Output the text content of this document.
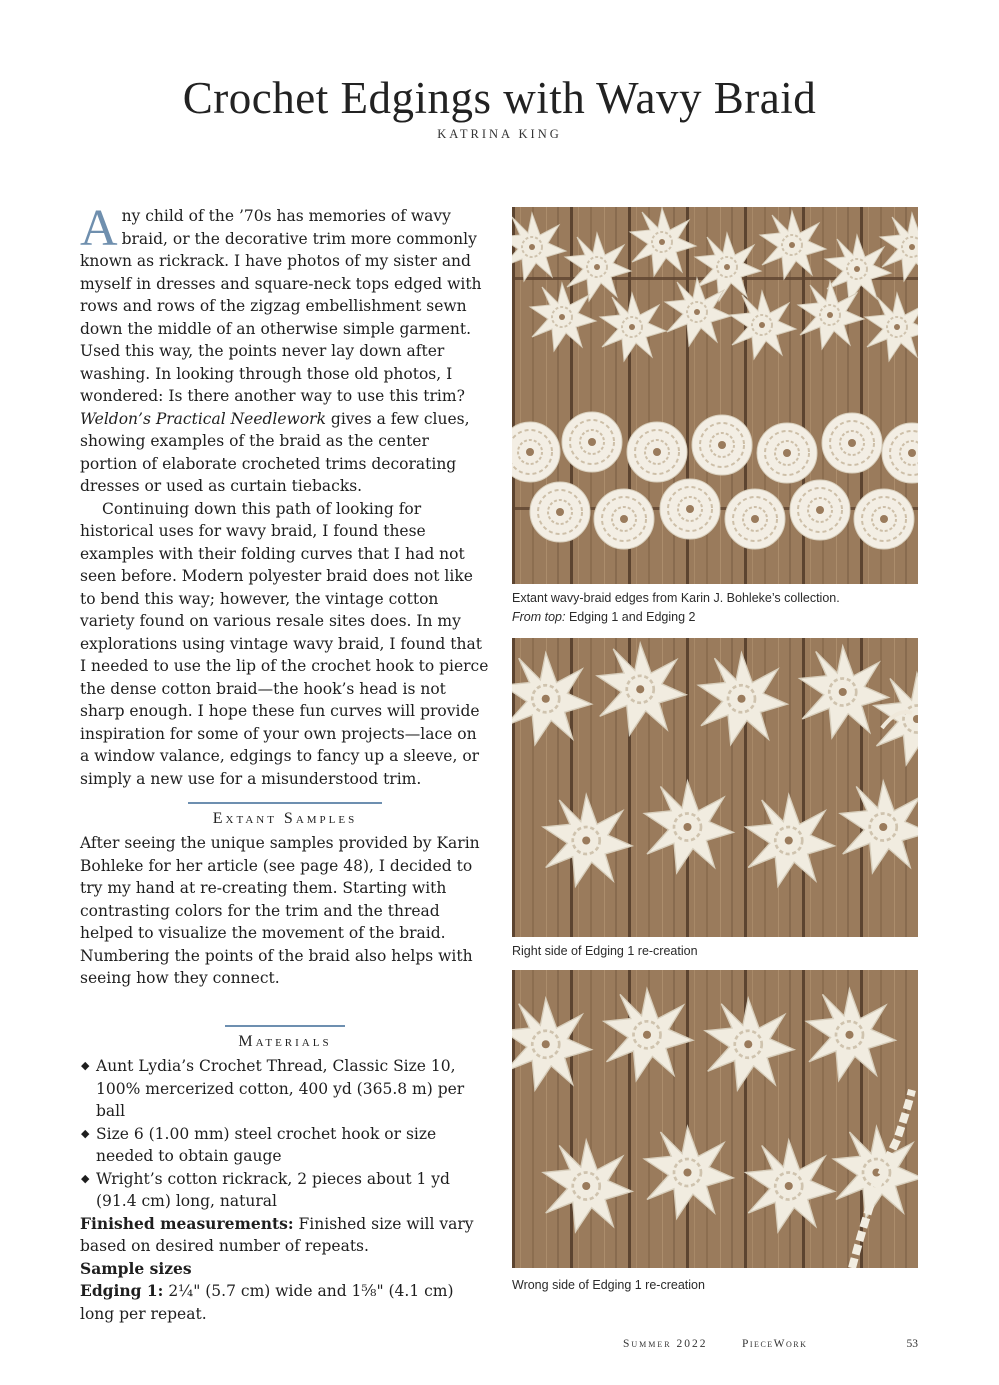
Crochet Edgings with Wavy Braid
KATRINA KING

Any child of the ’70s has memories of wavy braid, or the decorative trim more commonly known as rickrack. I have photos of my sister and myself in dresses and square-neck tops edged with rows and rows of the zigzag embellishment sewn down the middle of an otherwise simple garment. Used this way, the points never lay down after washing. In looking through those old photos, I wondered: Is there another way to use this trim? Weldon’s Practical Needlework gives a few clues, showing examples of the braid as the center portion of elaborate crocheted trims decorating dresses or used as curtain tiebacks.

Continuing down this path of looking for historical uses for wavy braid, I found these examples with their folding curves that I had not seen before. Modern polyester braid does not like to bend this way; however, the vintage cotton variety found on various resale sites does. In my explorations using vintage wavy braid, I found that I needed to use the lip of the crochet hook to pierce the dense cotton braid—the hook’s head is not sharp enough. I hope these fun curves will provide inspiration for some of your own projects—lace on a window valance, edgings to fancy up a sleeve, or simply a new use for a misunderstood trim.

Extant Samples

After seeing the unique samples provided by Karin Bohleke for her article (see page 48), I decided to try my hand at re-creating them. Starting with contrasting colors for the trim and the thread helped to visualize the movement of the braid. Numbering the points of the braid also helps with seeing how they connect.

Materials
◆ Aunt Lydia’s Crochet Thread, Classic Size 10, 100% mercerized cotton, 400 yd (365.8 m) per ball
◆ Size 6 (1.00 mm) steel crochet hook or size needed to obtain gauge
◆ Wright’s cotton rickrack, 2 pieces about 1 yd (91.4 cm) long, natural

Finished measurements: Finished size will vary based on desired number of repeats.

Sample sizes

Edging 1: 2¼" (5.7 cm) wide and 1⅝" (4.1 cm) long per repeat.

Extant wavy-braid edges from Karin J. Bohleke’s collection.
From top: Edging 1 and Edging 2
Right side of Edging 1 re-creation
Wrong side of Edging 1 re-creation
Summer 2022	PieceWork	53
